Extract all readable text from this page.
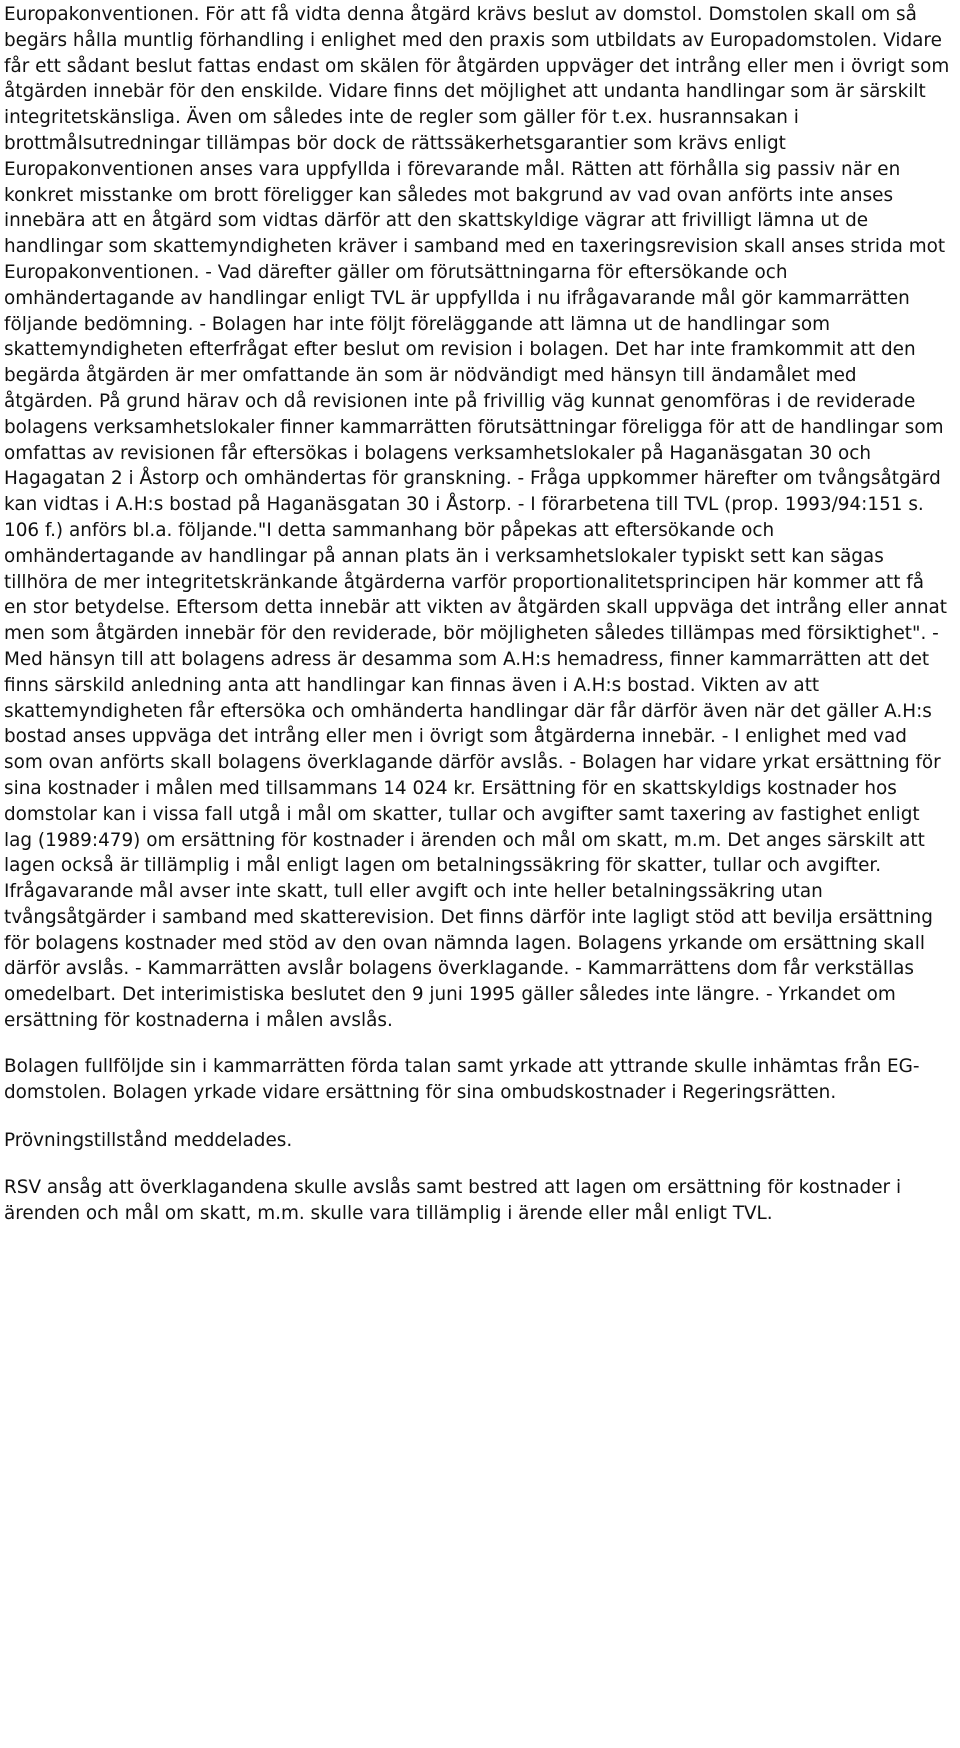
Europakonventionen. För att få vidta denna åtgärd krävs beslut av domstol. Domstolen skall om så begärs hålla muntlig förhandling i enlighet med den praxis som utbildats av Europadomstolen. Vidare får ett sådant beslut fattas endast om skälen för åtgärden uppväger det intrång eller men i övrigt som åtgärden innebär för den enskilde. Vidare finns det möjlighet att undanta handlingar som är särskilt integritetskänsliga. Även om således inte de regler som gäller för t.ex. husrannsakan i brottmålsutredningar tillämpas bör dock de rättssäkerhetsgarantier som krävs enligt Europakonventionen anses vara uppfyllda i förevarande mål. Rätten att förhålla sig passiv när en konkret misstanke om brott föreligger kan således mot bakgrund av vad ovan anförts inte anses innebära att en åtgärd som vidtas därför att den skattskyldige vägrar att frivilligt lämna ut de handlingar som skattemyndigheten kräver i samband med en taxeringsrevision skall anses strida mot Europakonventionen. - Vad därefter gäller om förutsättningarna för eftersökande och omhändertagande av handlingar enligt TVL är uppfyllda i nu ifrågavarande mål gör kammarrätten följande bedömning. - Bolagen har inte följt föreläggande att lämna ut de handlingar som skattemyndigheten efterfrågat efter beslut om revision i bolagen. Det har inte framkommit att den begärda åtgärden är mer omfattande än som är nödvändigt med hänsyn till ändamålet med åtgärden. På grund härav och då revisionen inte på frivillig väg kunnat genomföras i de reviderade bolagens verksamhetslokaler finner kammarrätten förutsättningar föreligga för att de handlingar som omfattas av revisionen får eftersökas i bolagens verksamhetslokaler på Haganäsgatan 30 och Hagagatan 2 i Åstorp och omhändertas för granskning. - Fråga uppkommer härefter om tvångsåtgärd kan vidtas i A.H:s bostad på Haganäsgatan 30 i Åstorp. - I förarbetena till TVL (prop. 1993/94:151 s. 106 f.) anförs bl.a. följande."I detta sammanhang bör påpekas att eftersökande och omhändertagande av handlingar på annan plats än i verksamhetslokaler typiskt sett kan sägas tillhöra de mer integritetskränkande åtgärderna varför proportionalitetsprincipen här kommer att få en stor betydelse. Eftersom detta innebär att vikten av åtgärden skall uppväga det intrång eller annat men som åtgärden innebär för den reviderade, bör möjligheten således tillämpas med försiktighet". - Med hänsyn till att bolagens adress är desamma som A.H:s hemadress, finner kammarrätten att det finns särskild anledning anta att handlingar kan finnas även i A.H:s bostad. Vikten av att skattemyndigheten får eftersöka och omhänderta handlingar där får därför även när det gäller A.H:s bostad anses uppväga det intrång eller men i övrigt som åtgärderna innebär. - I enlighet med vad som ovan anförts skall bolagens överklagande därför avslås. - Bolagen har vidare yrkat ersättning för sina kostnader i målen med tillsammans 14 024 kr. Ersättning för en skattskyldigs kostnader hos domstolar kan i vissa fall utgå i mål om skatter, tullar och avgifter samt taxering av fastighet enligt lag (1989:479) om ersättning för kostnader i ärenden och mål om skatt, m.m. Det anges särskilt att lagen också är tillämplig i mål enligt lagen om betalningssäkring för skatter, tullar och avgifter. Ifrågavarande mål avser inte skatt, tull eller avgift och inte heller betalningssäkring utan tvångsåtgärder i samband med skatterevision. Det finns därför inte lagligt stöd att bevilja ersättning för bolagens kostnader med stöd av den ovan nämnda lagen. Bolagens yrkande om ersättning skall därför avslås. - Kammarrätten avslår bolagens överklagande. - Kammarrättens dom får verkställas omedelbart. Det interimistiska beslutet den 9 juni 1995 gäller således inte längre. - Yrkandet om ersättning för kostnaderna i målen avslås.

Bolagen fullföljde sin i kammarrätten förda talan samt yrkade att yttrande skulle inhämtas från EG-domstolen. Bolagen yrkade vidare ersättning för sina ombudskostnader i Regeringsrätten.

Prövningstillstånd meddelades.

RSV ansåg att överklagandena skulle avslås samt bestred att lagen om ersättning för kostnader i ärenden och mål om skatt, m.m. skulle vara tillämplig i ärende eller mål enligt TVL.
